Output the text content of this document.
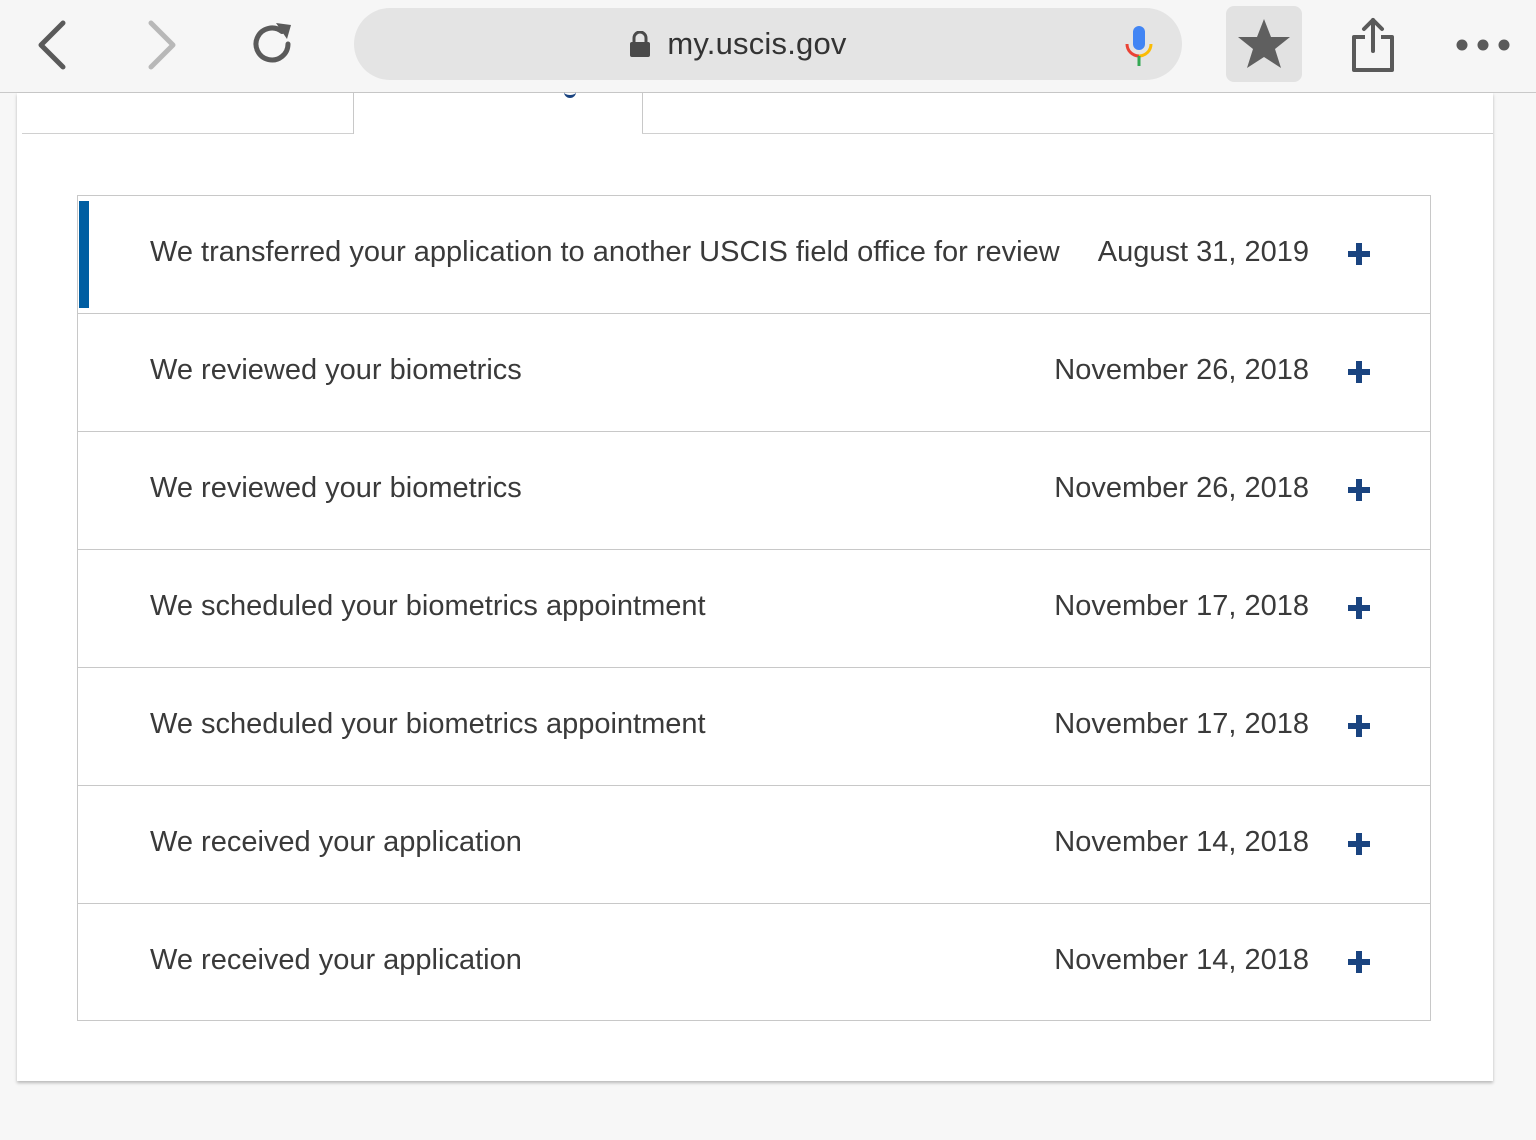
my.uscis.gov
We transferred your application to another USCIS field office for review August 31, 2019
We reviewed your biometrics	November 26, 2018
We reviewed your biometrics	November 26, 2018
We scheduled your biometrics appointment	November 17, 2018
We scheduled your biometrics appointment	November 17, 2018
We received your application	November 14, 2018
We received your application	November 14, 2018
